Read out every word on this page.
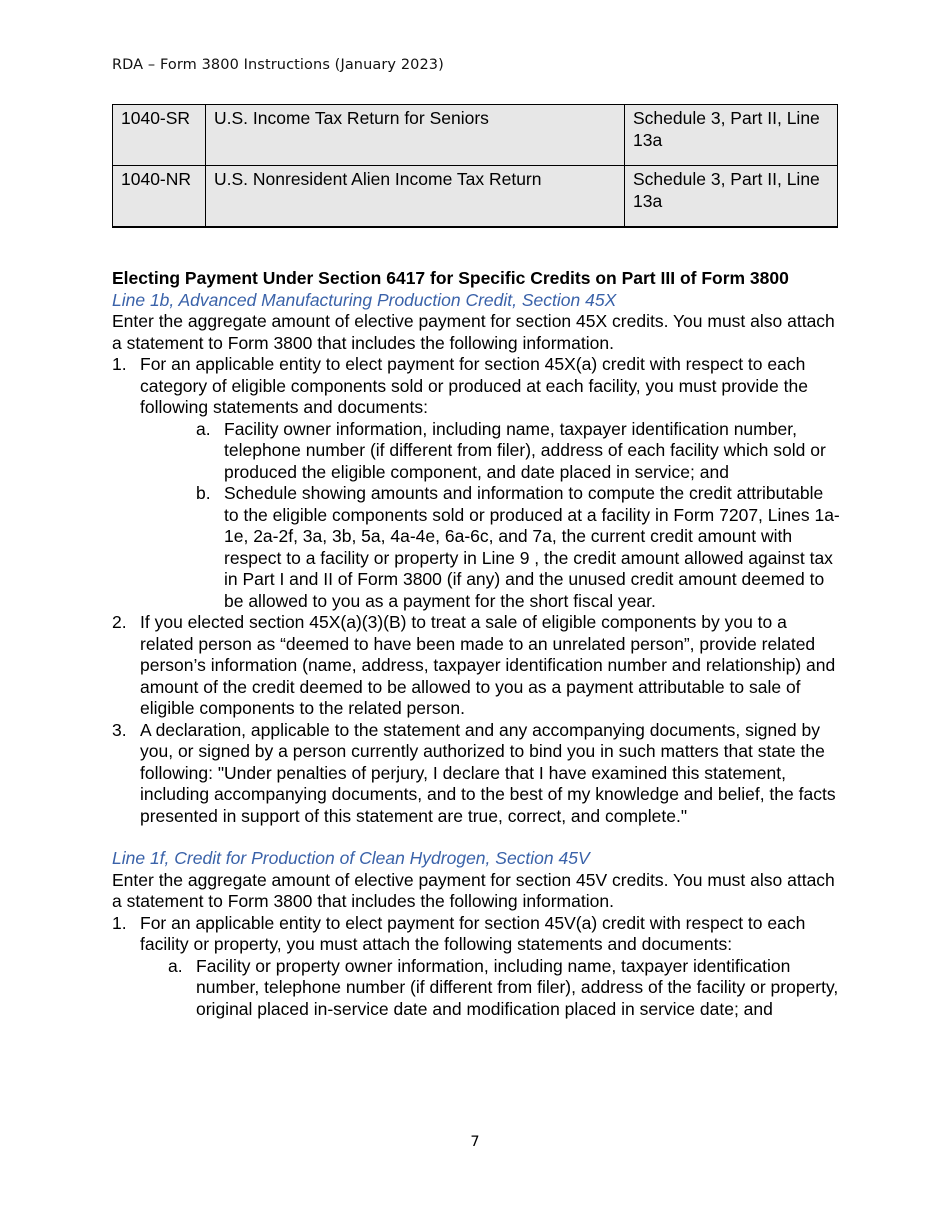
RDA – Form 3800 Instructions (January 2023)
1040-SR	U.S. Income Tax Return for Seniors	Schedule 3, Part II, Line 13a
1040-NR	U.S. Nonresident Alien Income Tax Return	Schedule 3, Part II, Line 13a
Electing Payment Under Section 6417 for Specific Credits on Part III of Form 3800
Line 1b, Advanced Manufacturing Production Credit, Section 45X

Enter the aggregate amount of elective payment for section 45X credits. You must also attach a statement to Form 3800 that includes the following information.

1. For an applicable entity to elect payment for section 45X(a) credit with respect to each category of eligible components sold or produced at each facility, you must provide the following statements and documents:
a. Facility owner information, including name, taxpayer identification number, telephone number (if different from filer), address of each facility which sold or produced the eligible component, and date placed in service; and
b. Schedule showing amounts and information to compute the credit attributable to the eligible components sold or produced at a facility in Form 7207, Lines 1a-1e, 2a-2f, 3a, 3b, 5a, 4a-4e, 6a-6c, and 7a, the current credit amount with respect to a facility or property in Line 9 , the credit amount allowed against tax in Part I and II of Form 3800 (if any) and the unused credit amount deemed to be allowed to you as a payment for the short fiscal year.
2. If you elected section 45X(a)(3)(B) to treat a sale of eligible components by you to a related person as “deemed to have been made to an unrelated person”, provide related person’s information (name, address, taxpayer identification number and relationship) and amount of the credit deemed to be allowed to you as a payment attributable to sale of eligible components to the related person.
3. A declaration, applicable to the statement and any accompanying documents, signed by you, or signed by a person currently authorized to bind you in such matters that state the following: "Under penalties of perjury, I declare that I have examined this statement, including accompanying documents, and to the best of my knowledge and belief, the facts presented in support of this statement are true, correct, and complete."
Line 1f, Credit for Production of Clean Hydrogen, Section 45V

Enter the aggregate amount of elective payment for section 45V credits. You must also attach a statement to Form 3800 that includes the following information.

1. For an applicable entity to elect payment for section 45V(a) credit with respect to each facility or property, you must attach the following statements and documents:
a. Facility or property owner information, including name, taxpayer identification number, telephone number (if different from filer), address of the facility or property, original placed in-service date and modification placed in service date; and
7
